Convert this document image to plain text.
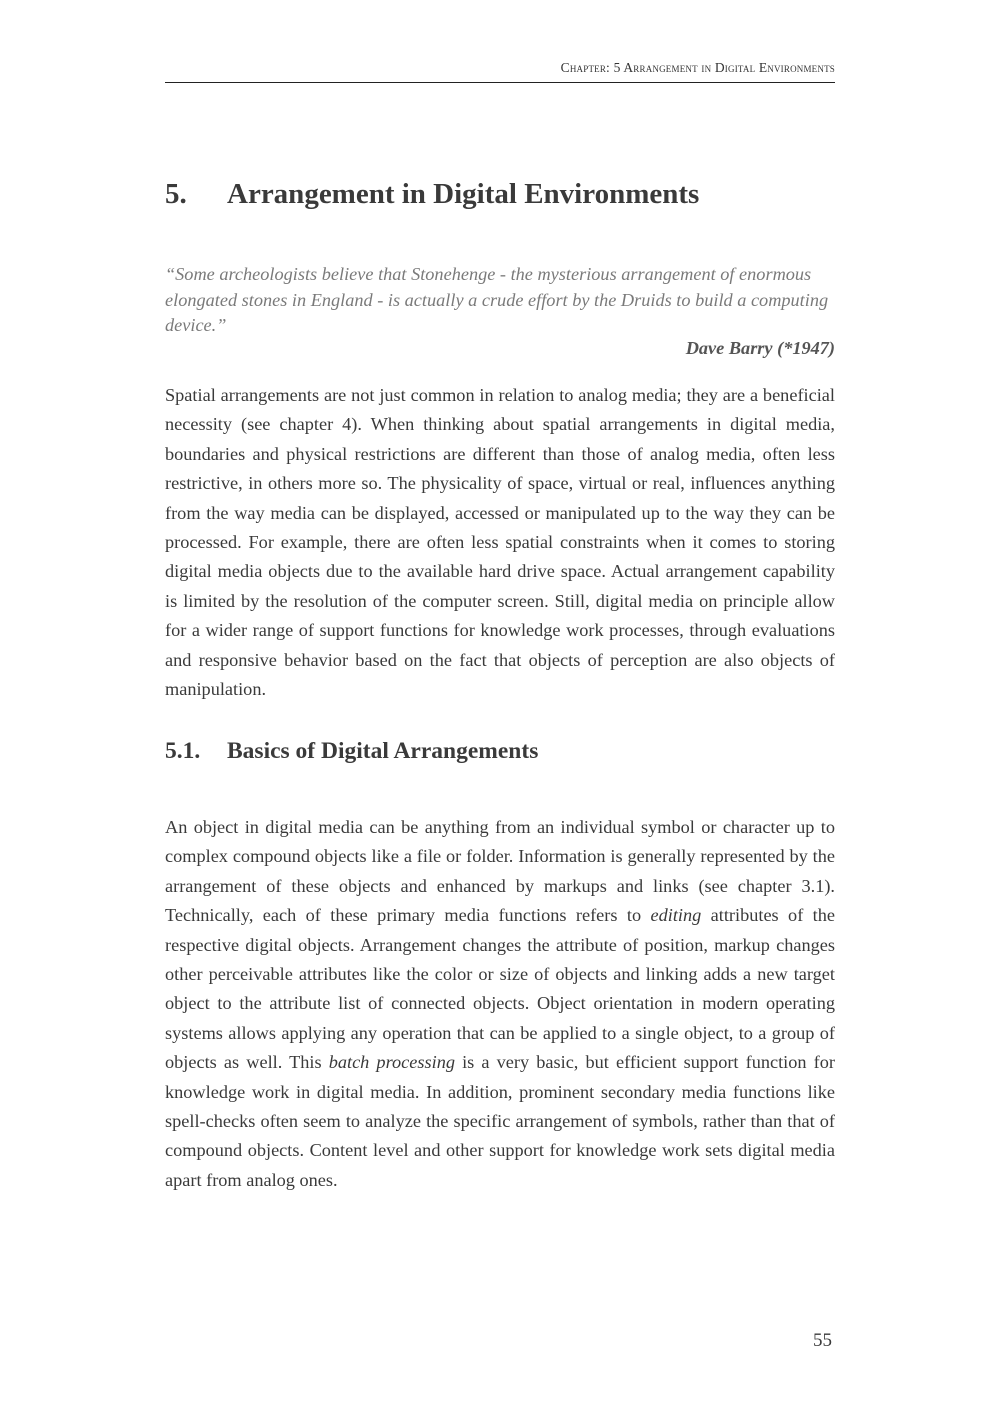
Chapter: 5 Arrangement in Digital Environments
5.	Arrangement in Digital Environments
“Some archeologists believe that Stonehenge - the mysterious arrangement of enormous elongated stones in England - is actually a crude effort by the Druids to build a computing device.”
Dave Barry (*1947)

Spatial arrangements are not just common in relation to analog media; they are a beneficial necessity (see chapter 4). When thinking about spatial arrangements in digital media, boundaries and physical restrictions are different than those of analog media, often less restrictive, in others more so. The physicality of space, virtual or real, influences anything from the way media can be displayed, accessed or manipulated up to the way they can be processed. For example, there are often less spatial constraints when it comes to storing digital media objects due to the available hard drive space. Actual arrangement capability is limited by the resolution of the computer screen. Still, digital media on principle allow for a wider range of support functions for knowledge work processes, through evaluations and responsive behavior based on the fact that objects of perception are also objects of manipulation.

5.1.	Basics of Digital Arrangements

An object in digital media can be anything from an individual symbol or character up to complex compound objects like a file or folder. Information is generally represented by the arrangement of these objects and enhanced by markups and links (see chapter 3.1). Technically, each of these primary media functions refers to editing attributes of the respective digital objects. Arrangement changes the attribute of position, markup changes other perceivable attributes like the color or size of objects and linking adds a new target object to the attribute list of connected objects. Object orientation in modern operating systems allows applying any operation that can be applied to a single object, to a group of objects as well. This batch processing is a very basic, but efficient support function for knowledge work in digital media. In addition, prominent secondary media functions like spell-checks often seem to analyze the specific arrangement of symbols, rather than that of compound objects. Content level and other support for knowledge work sets digital media apart from analog ones.

55
